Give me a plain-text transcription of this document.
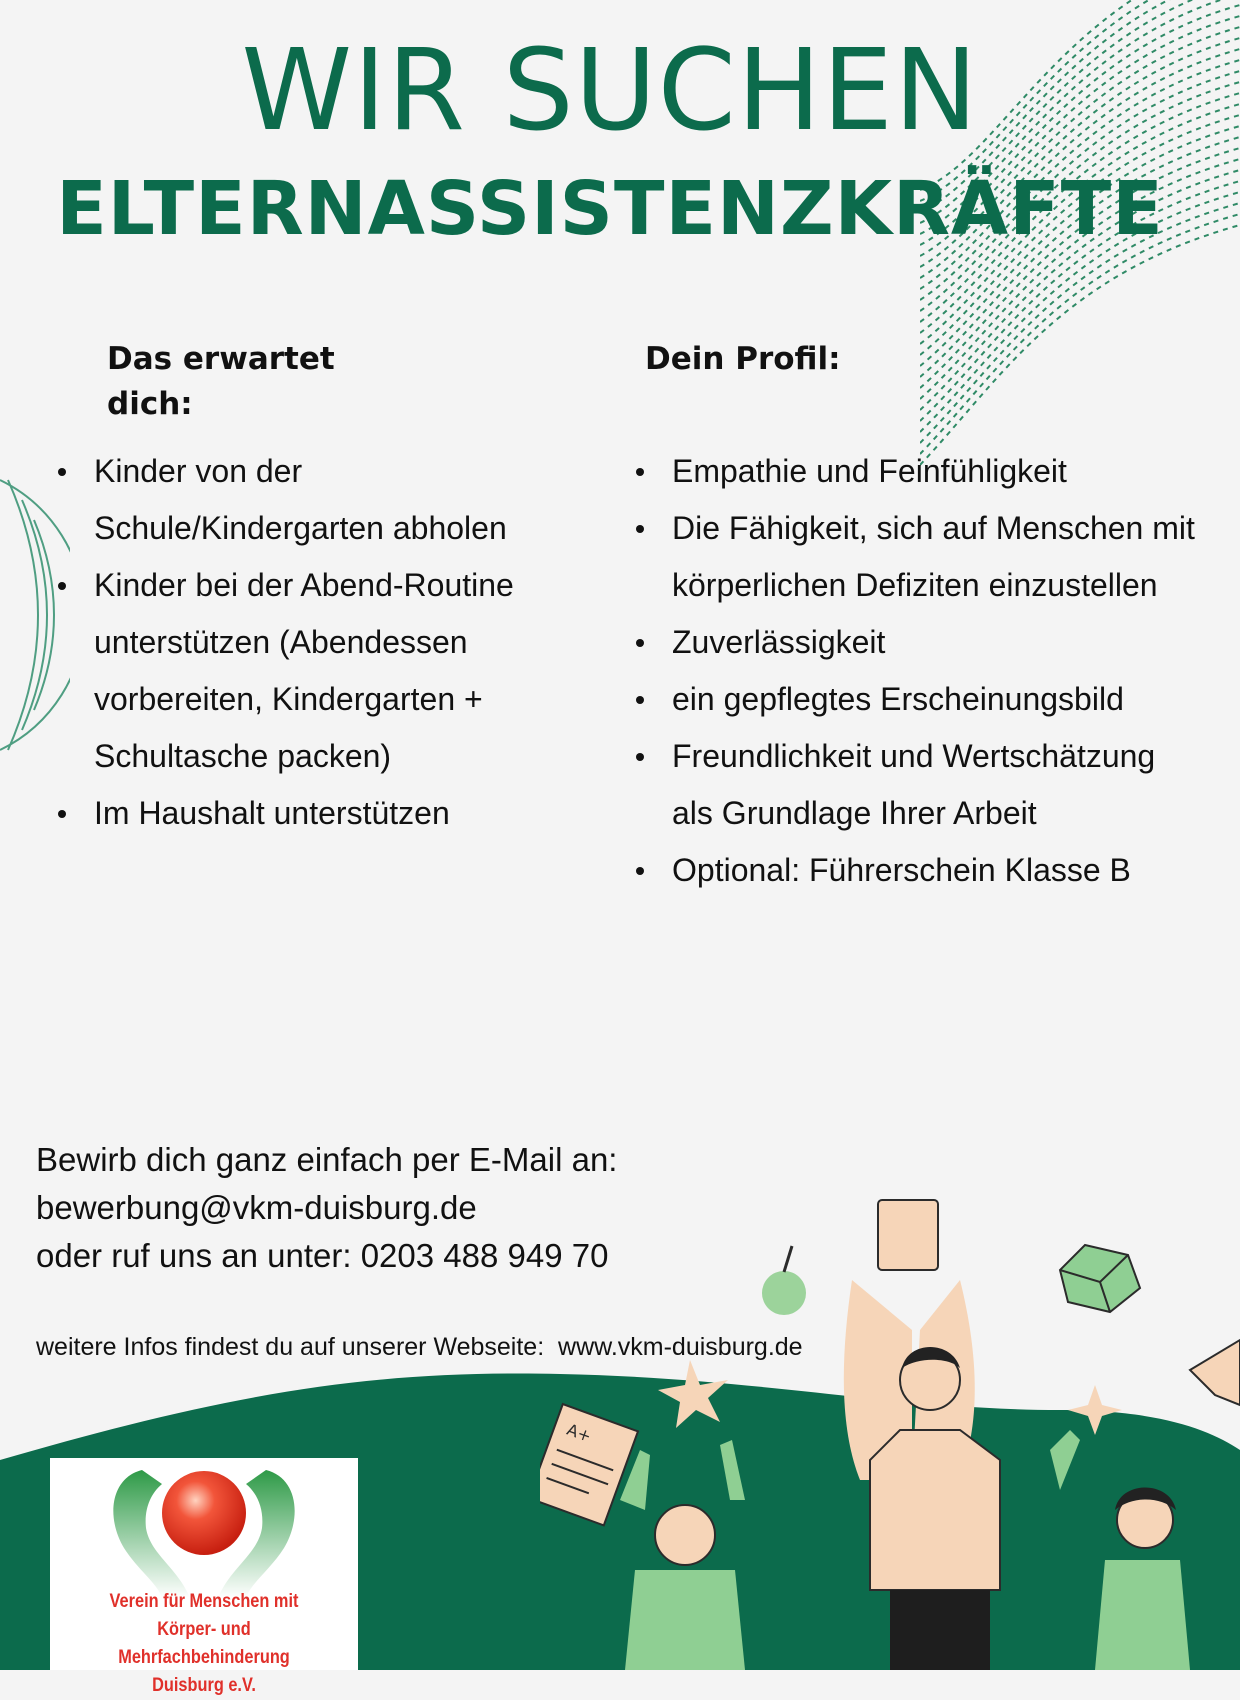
WIR SUCHEN
ELTERNASSISTENZKRÄFTE
Das erwartet dich:
Dein Profil:
Kinder von der Schule/Kindergarten abholen
Kinder bei der Abend-Routine unterstützen (Abendessen vorbereiten, Kindergarten + Schultasche packen)
Im Haushalt unterstützen
Empathie und Feinfühligkeit
Die Fähigkeit, sich auf Menschen mit körperlichen Defiziten einzustellen
Zuverlässigkeit
ein gepflegtes Erscheinungsbild
Freundlichkeit und Wertschätzung als Grundlage Ihrer Arbeit
Optional: Führerschein Klasse B
Bewirb dich ganz einfach per E-Mail an:
bewerbung@vkm-duisburg.de
oder ruf uns an unter: 0203 488 949 70

weitere Infos findest du auf unserer Webseite:  www.vkm-duisburg.de

Verein für Menschen mit
Körper- und Mehrfachbehinderung
Duisburg e.V.
A+
